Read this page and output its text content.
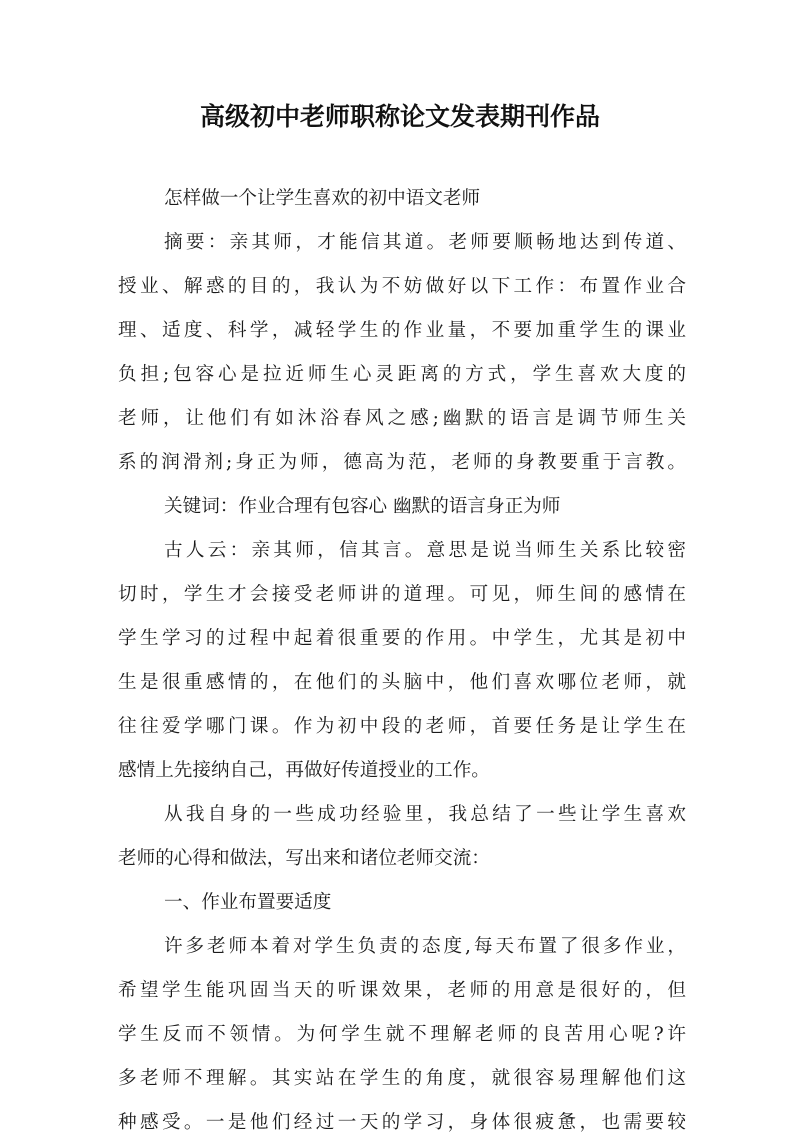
高级初中老师职称论文发表期刊作品
怎样做一个让学生喜欢的初中语文老师
摘要：亲其师，才能信其道。老师要顺畅地达到传道、
授业、解惑的目的，我认为不妨做好以下工作：布置作业合
理、适度、科学，减轻学生的作业量，不要加重学生的课业
负担;包容心是拉近师生心灵距离的方式，学生喜欢大度的
老师，让他们有如沐浴春风之感;幽默的语言是调节师生关
系的润滑剂;身正为师，德高为范，老师的身教要重于言教。
关键词：作业合理有包容心 幽默的语言身正为师
古人云：亲其师，信其言。意思是说当师生关系比较密
切时，学生才会接受老师讲的道理。可见，师生间的感情在
学生学习的过程中起着很重要的作用。中学生，尤其是初中
生是很重感情的，在他们的头脑中，他们喜欢哪位老师，就
往往爱学哪门课。作为初中段的老师，首要任务是让学生在
感情上先接纳自己，再做好传道授业的工作。
从我自身的一些成功经验里，我总结了一些让学生喜欢
老师的心得和做法，写出来和诸位老师交流：
一、作业布置要适度
许多老师本着对学生负责的态度,每天布置了很多作业，
希望学生能巩固当天的听课效果，老师的用意是很好的，但
学生反而不领情。为何学生就不理解老师的良苦用心呢?许
多老师不理解。其实站在学生的角度，就很容易理解他们这
种感受。一是他们经过一天的学习，身体很疲惫，也需要较
